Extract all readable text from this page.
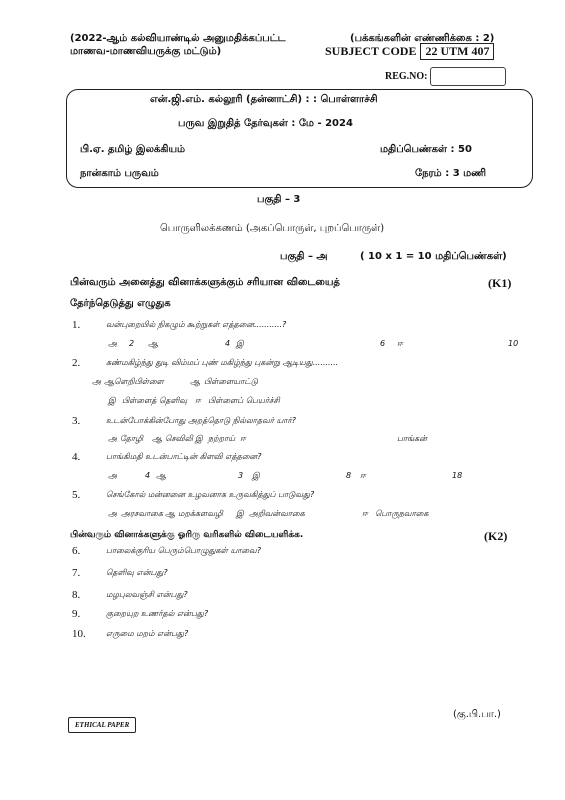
(2022-ஆம் கல்வியாண்டில் அனுமதிக்கப்பட்ட
மாணவ-மாணவியருக்கு மட்டும்)
(பக்கங்களின் எண்ணிக்கை : 2)
SUBJECT CODE 22 UTM 407
REG.NO:
என்.ஜி.எம். கல்லூரி (தன்னாட்சி) : : பொள்ளாச்சி
பருவ இறுதித் தேர்வுகள் : மே - 2024
பி.ஏ. தமிழ் இலக்கியம்	மதிப்பெண்கள் : 50
நான்காம் பருவம்	நேரம் : 3 மணி
பகுதி – 3
பொருளிலக்கணம் (அகப்பொருள், புறப்பொருள்)
பகுதி – அ	( 10 x 1 = 10 மதிப்பெண்கள்)
பின்வரும் அனைத்து வினாக்களுக்கும் சரியான விடையைத்
தேர்ந்தெடுத்து எழுதுக
(K1)
1.	வன்புறையில் நிகழும் கூற்றுகள் எத்தனை...........?
அ 2 ஆ	4 இ	6 ஈ	10
2.	கண்மகிழ்ந்து துடி விம்மப் புண் மகிழ்ந்து புகன்று ஆடியது..........
அ ஆளெறிபிள்ளை	ஆ பிள்ளையாட்டு
இ பிள்ளைத் தெளிவு ஈ பிள்ளைப் பெயர்ச்சி
3.	உடன்போக்கின்போது அறத்தொடு நில்லாதவர் யார்?
அ தோழி ஆ செவிலி இ நற்றாய் ஈ	பாங்கன்
4.	பாங்கிமதி உடன்பாட்டின் கிளவி எத்தனை?
அ	4 ஆ	3 இ	8 ஈ	18
5.	செங்கோல் மன்னனை உழவனாக உருவகித்துப் பாடுவது?
அ அரசவாகை ஆ மறக்களவழி இ அறிவன்வாகை	ஈ பொருநவாகை
பின்வரும் வினாக்களுக்கு ஓரிரு வரிகளில் விடையளிக்க.	(K2)
6.	பாலைக்குரிய பெரும்பொழுதுகள் யாவை?
7.	தெளிவு என்பது?
8.	மழபுலவஞ்சி என்பது?
9.	குறையுற உணர்தல் என்பது?
10.	எருமை மறம் என்பது?
(கு.பி.பா.)
ETHICAL PAPER
